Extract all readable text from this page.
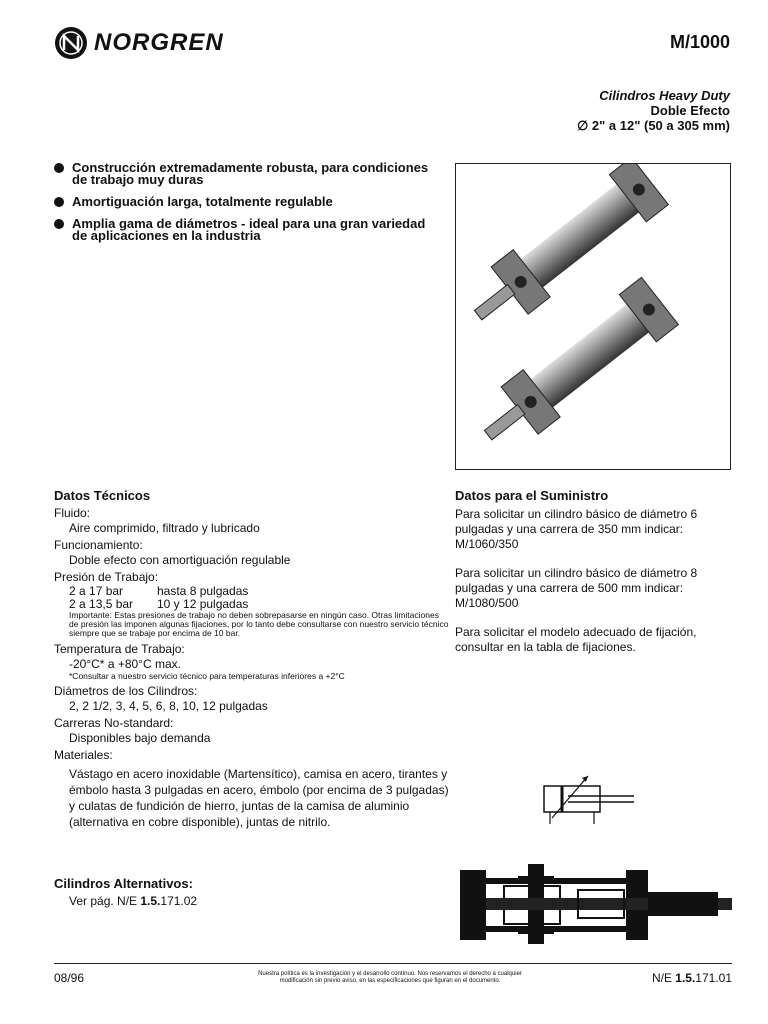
NORGREN	M/1000
Cilindros Heavy Duty
Doble Efecto
∅ 2" a 12" (50 a 305 mm)
Construcción extremadamente robusta, para condiciones de trabajo muy duras
Amortiguación larga, totalmente regulable
Amplia gama de diámetros - ideal para una gran variedad de aplicaciones en la industria
Datos Técnicos
Fluido:
Aire comprimido, filtrado y lubricado
Funcionamiento:
Doble efecto con amortiguación regulable
Presión de Trabajo:
2 a 17 bar	hasta 8 pulgadas
2 a 13,5 bar	10 y 12 pulgadas
Importante: Estas presiones de trabajo no deben sobrepasarse en ningún caso. Otras limitaciones de presión las imponen algunas fijaciones, por lo tanto debe consultarse con nuestro servicio técnico siempre que se trabaje por encima de 10 bar.
Temperatura de Trabajo:
-20°C* a +80°C max.
*Consultar a nuestro servicio técnico para temperaturas inferiores a +2°C
Diámetros de los Cilindros:
2, 2 1/2, 3, 4, 5, 6, 8, 10, 12 pulgadas
Carreras No-standard:
Disponibles bajo demanda
Materiales:
Vástago en acero inoxidable (Martensítico), camisa en acero, tirantes y émbolo hasta 3 pulgadas en acero, émbolo (por encima de 3 pulgadas) y culatas de fundición de hierro, juntas de la camisa de aluminio (alternativa en cobre disponible), juntas de nitrilo.
Cilindros Alternativos:
Ver pág. N/E 1.5.171.02
Datos para el Suministro

Para solicitar un cilindro básico de diámetro 6 pulgadas y una carrera de 350 mm indicar: M/1060/350

Para solicitar un cilindro básico de diámetro 8 pulgadas y una carrera de 500 mm indicar: M/1080/500

Para solicitar el modelo adecuado de fijación, consultar en la tabla de fijaciones.

08/96	Nuestra política es la investigación y el desarrollo contínuo. Nos reservamos el derecho a cualquier modificación sin previo aviso, en las especificaciones que figuran en el documento.	N/E 1.5.171.01
